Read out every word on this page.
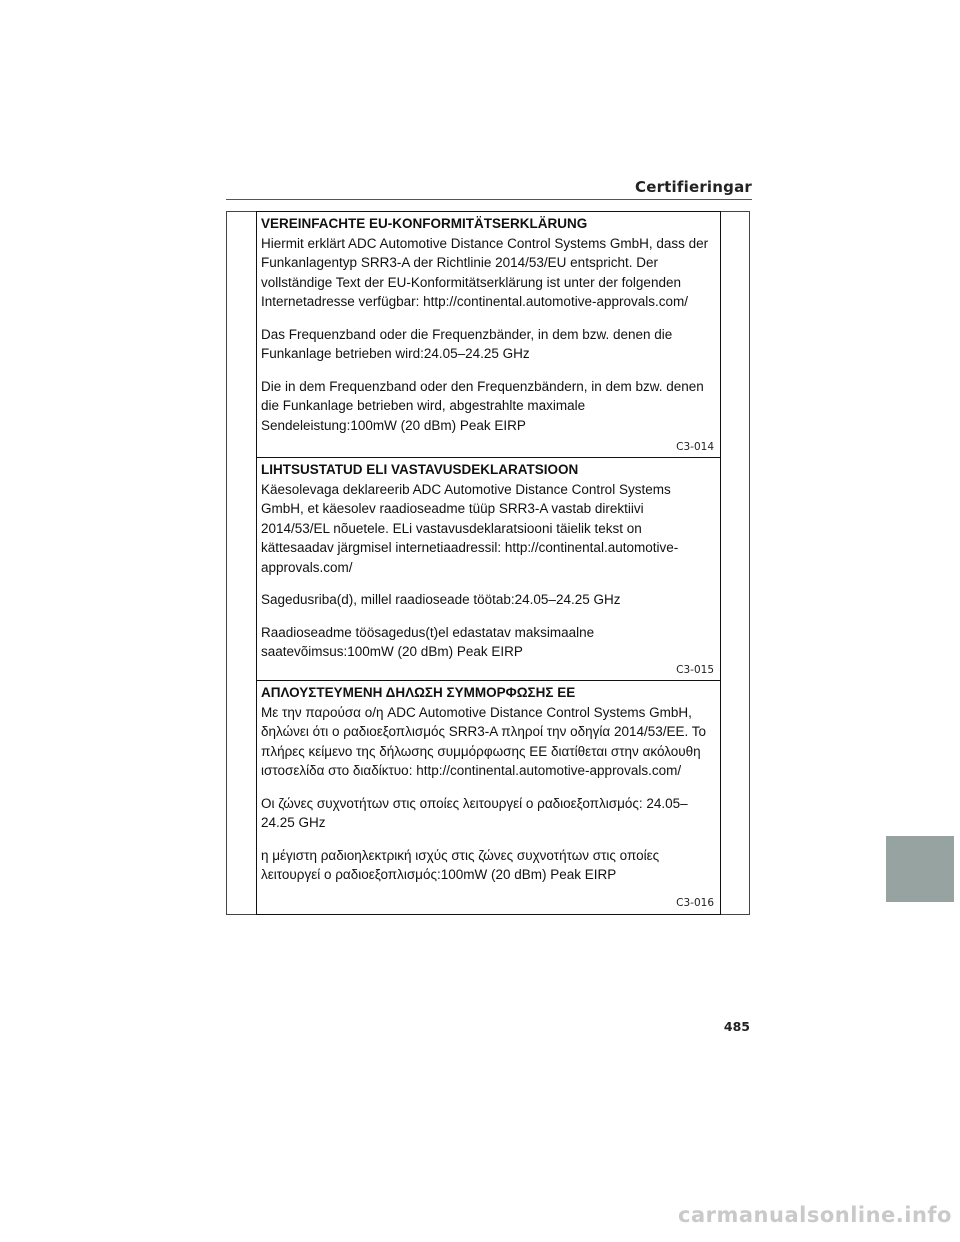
Certifieringar

VEREINFACHTE EU-KONFORMITÄTSERKLÄRUNG

Hiermit erklärt ADC Automotive Distance Control Systems GmbH, dass der Funkanlagentyp SRR3-A der Richtlinie 2014/53/EU entspricht. Der vollständige Text der EU-Konformitätserklärung ist unter der folgenden Internetadresse verfügbar: http://continental.automotive-approvals.com/

Das Frequenzband oder die Frequenzbänder, in dem bzw. denen die Funkanlage betrieben wird:24.05–24.25 GHz

Die in dem Frequenzband oder den Frequenzbändern, in dem bzw. denen die Funkanlage betrieben wird, abgestrahlte maximale Sendeleistung:100mW (20 dBm) Peak EIRP

C3-014

LIHTSUSTATUD ELI VASTAVUSDEKLARATSIOON

Käesolevaga deklareerib ADC Automotive Distance Control Systems GmbH, et käesolev raadioseadme tüüp SRR3-A vastab direktiivi 2014/53/EL nõuetele. ELi vastavusdeklaratsiooni täielik tekst on kättesaadav järgmisel internetiaadressil: http://continental.automotive-approvals.com/

Sagedusriba(d), millel raadioseade töötab:24.05–24.25 GHz

Raadioseadme töösagedus(t)el edastatav maksimaalne saatevõimsus:100mW (20 dBm) Peak EIRP

C3-015

ΑΠΛΟΥΣΤΕΥΜΕΝΗ ΔΗΛΩΣΗ ΣΥΜΜΟΡΦΩΣΗΣ ΕΕ

Με την παρούσα ο/η ADC Automotive Distance Control Systems GmbH, δηλώνει ότι ο ραδιοεξοπλισμός SRR3-A πληροί την οδηγία 2014/53/ΕΕ. Το πλήρες κείμενο της δήλωσης συμμόρφωσης ΕΕ διατίθεται στην ακόλουθη ιστοσελίδα στο διαδίκτυο: http://continental.automotive-approvals.com/

Οι ζώνες συχνοτήτων στις οποίες λειτουργεί ο ραδιοεξοπλισμός: 24.05–24.25 GHz

η μέγιστη ραδιοηλεκτρική ισχύς στις ζώνες συχνοτήτων στις οποίες λειτουργεί ο ραδιοεξοπλισμός:100mW (20 dBm) Peak EIRP

C3-016
485
carmanualsonline.info
